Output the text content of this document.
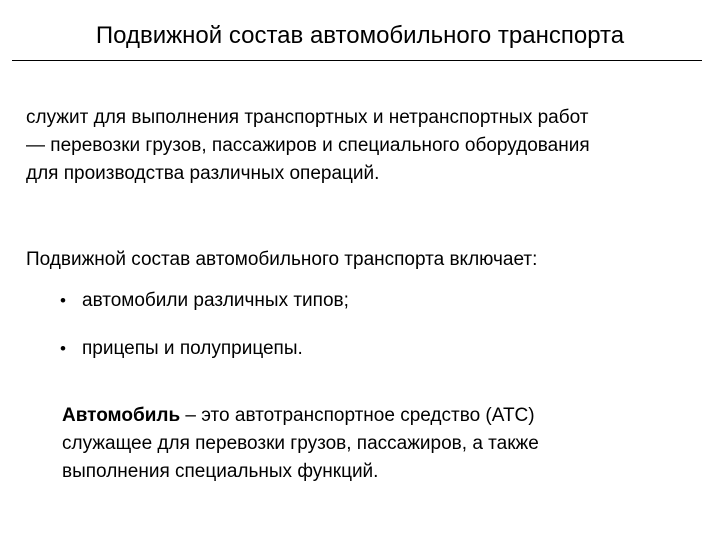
Подвижной состав автомобильного транспорта
служит для выполнения транспортных и нетранспортных работ
— перевозки грузов, пассажиров и специального оборудования
для производства различных операций.
Подвижной состав автомобильного транспорта включает:
• автомобили различных типов;
• прицепы и полуприцепы.
Автомобиль – это автотранспортное средство (АТС)
служащее для перевозки грузов, пассажиров, а также
выполнения специальных функций.
